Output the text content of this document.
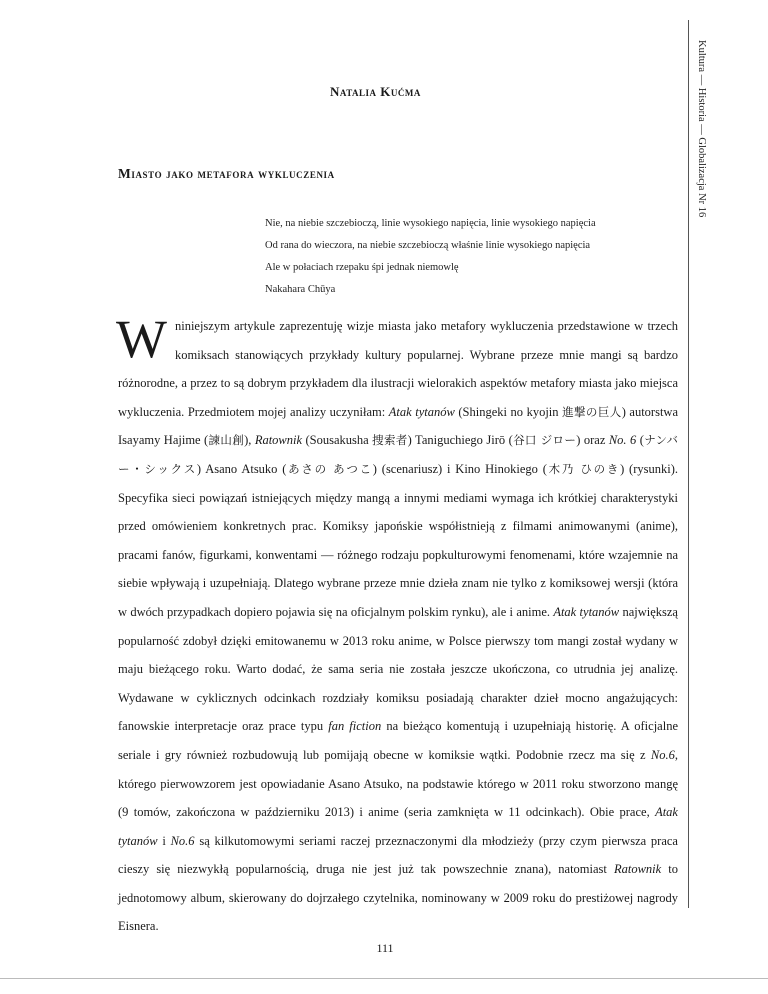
Natalia Kućma
Miasto jako metafora wykluczenia
Nie, na niebie szczebioczą, linie wysokiego napięcia, linie wysokiego napięcia
Od rana do wieczora, na niebie szczebioczą właśnie linie wysokiego napięcia
Ale w połaciach rzepaku śpi jednak niemowlę
Nakahara Chūya
Kultura — Historia — Globalizacja Nr 16

W niniejszym artykule zaprezentuję wizje miasta jako metafory wykluczenia przedstawione w trzech komiksach stanowiących przykłady kultury popularnej. Wybrane przeze mnie mangi są bardzo różnorodne, a przez to są dobrym przykładem dla ilustracji wielorakich aspektów metafory miasta jako miejsca wykluczenia. Przedmiotem mojej analizy uczyniłam: Atak tytanów (Shingeki no kyojin 進撃の巨人) autorstwa Isayamy Hajime (諫山創), Ratownik (Sousakusha 捜索者) Taniguchiego Jirō (谷口 ジロー) oraz No. 6 (ナンバー・シックス) Asano Atsuko (あさの あつこ) (scenariusz) i Kino Hinokiego (木乃 ひのき) (rysunki). Specyfika sieci powiązań istniejących między mangą a innymi mediami wymaga ich krótkiej charakterystyki przed omówieniem konkretnych prac. Komiksy japońskie współistnieją z filmami animowanymi (anime), pracami fanów, figurkami, konwentami — różnego rodzaju popkulturowymi fenomenami, które wzajemnie na siebie wpływają i uzupełniają. Dlatego wybrane przeze mnie dzieła znam nie tylko z komiksowej wersji (która w dwóch przypadkach dopiero pojawia się na oficjalnym polskim rynku), ale i anime. Atak tytanów największą popularność zdobył dzięki emitowanemu w 2013 roku anime, w Polsce pierwszy tom mangi został wydany w maju bieżącego roku. Warto dodać, że sama seria nie została jeszcze ukończona, co utrudnia jej analizę. Wydawane w cyklicznych odcinkach rozdziały komiksu posiadają charakter dzieł mocno angażujących: fanowskie interpretacje oraz prace typu fan fiction na bieżąco komentują i uzupełniają historię. A oficjalne seriale i gry również rozbudowują lub pomijają obecne w komiksie wątki. Podobnie rzecz ma się z No.6, którego pierwowzorem jest opowiadanie Asano Atsuko, na podstawie którego w 2011 roku stworzono mangę (9 tomów, zakończona w październiku 2013) i anime (seria zamknięta w 11 odcinkach). Obie prace, Atak tytanów i No.6 są kilkutomowymi seriami raczej przeznaczonymi dla młodzieży (przy czym pierwsza praca cieszy się niezwykłą popularnością, druga nie jest już tak powszechnie znana), natomiast Ratownik to jednotomowy album, skierowany do dojrzałego czytelnika, nominowany w 2009 roku do prestiżowej nagrody Eisnera.

111
